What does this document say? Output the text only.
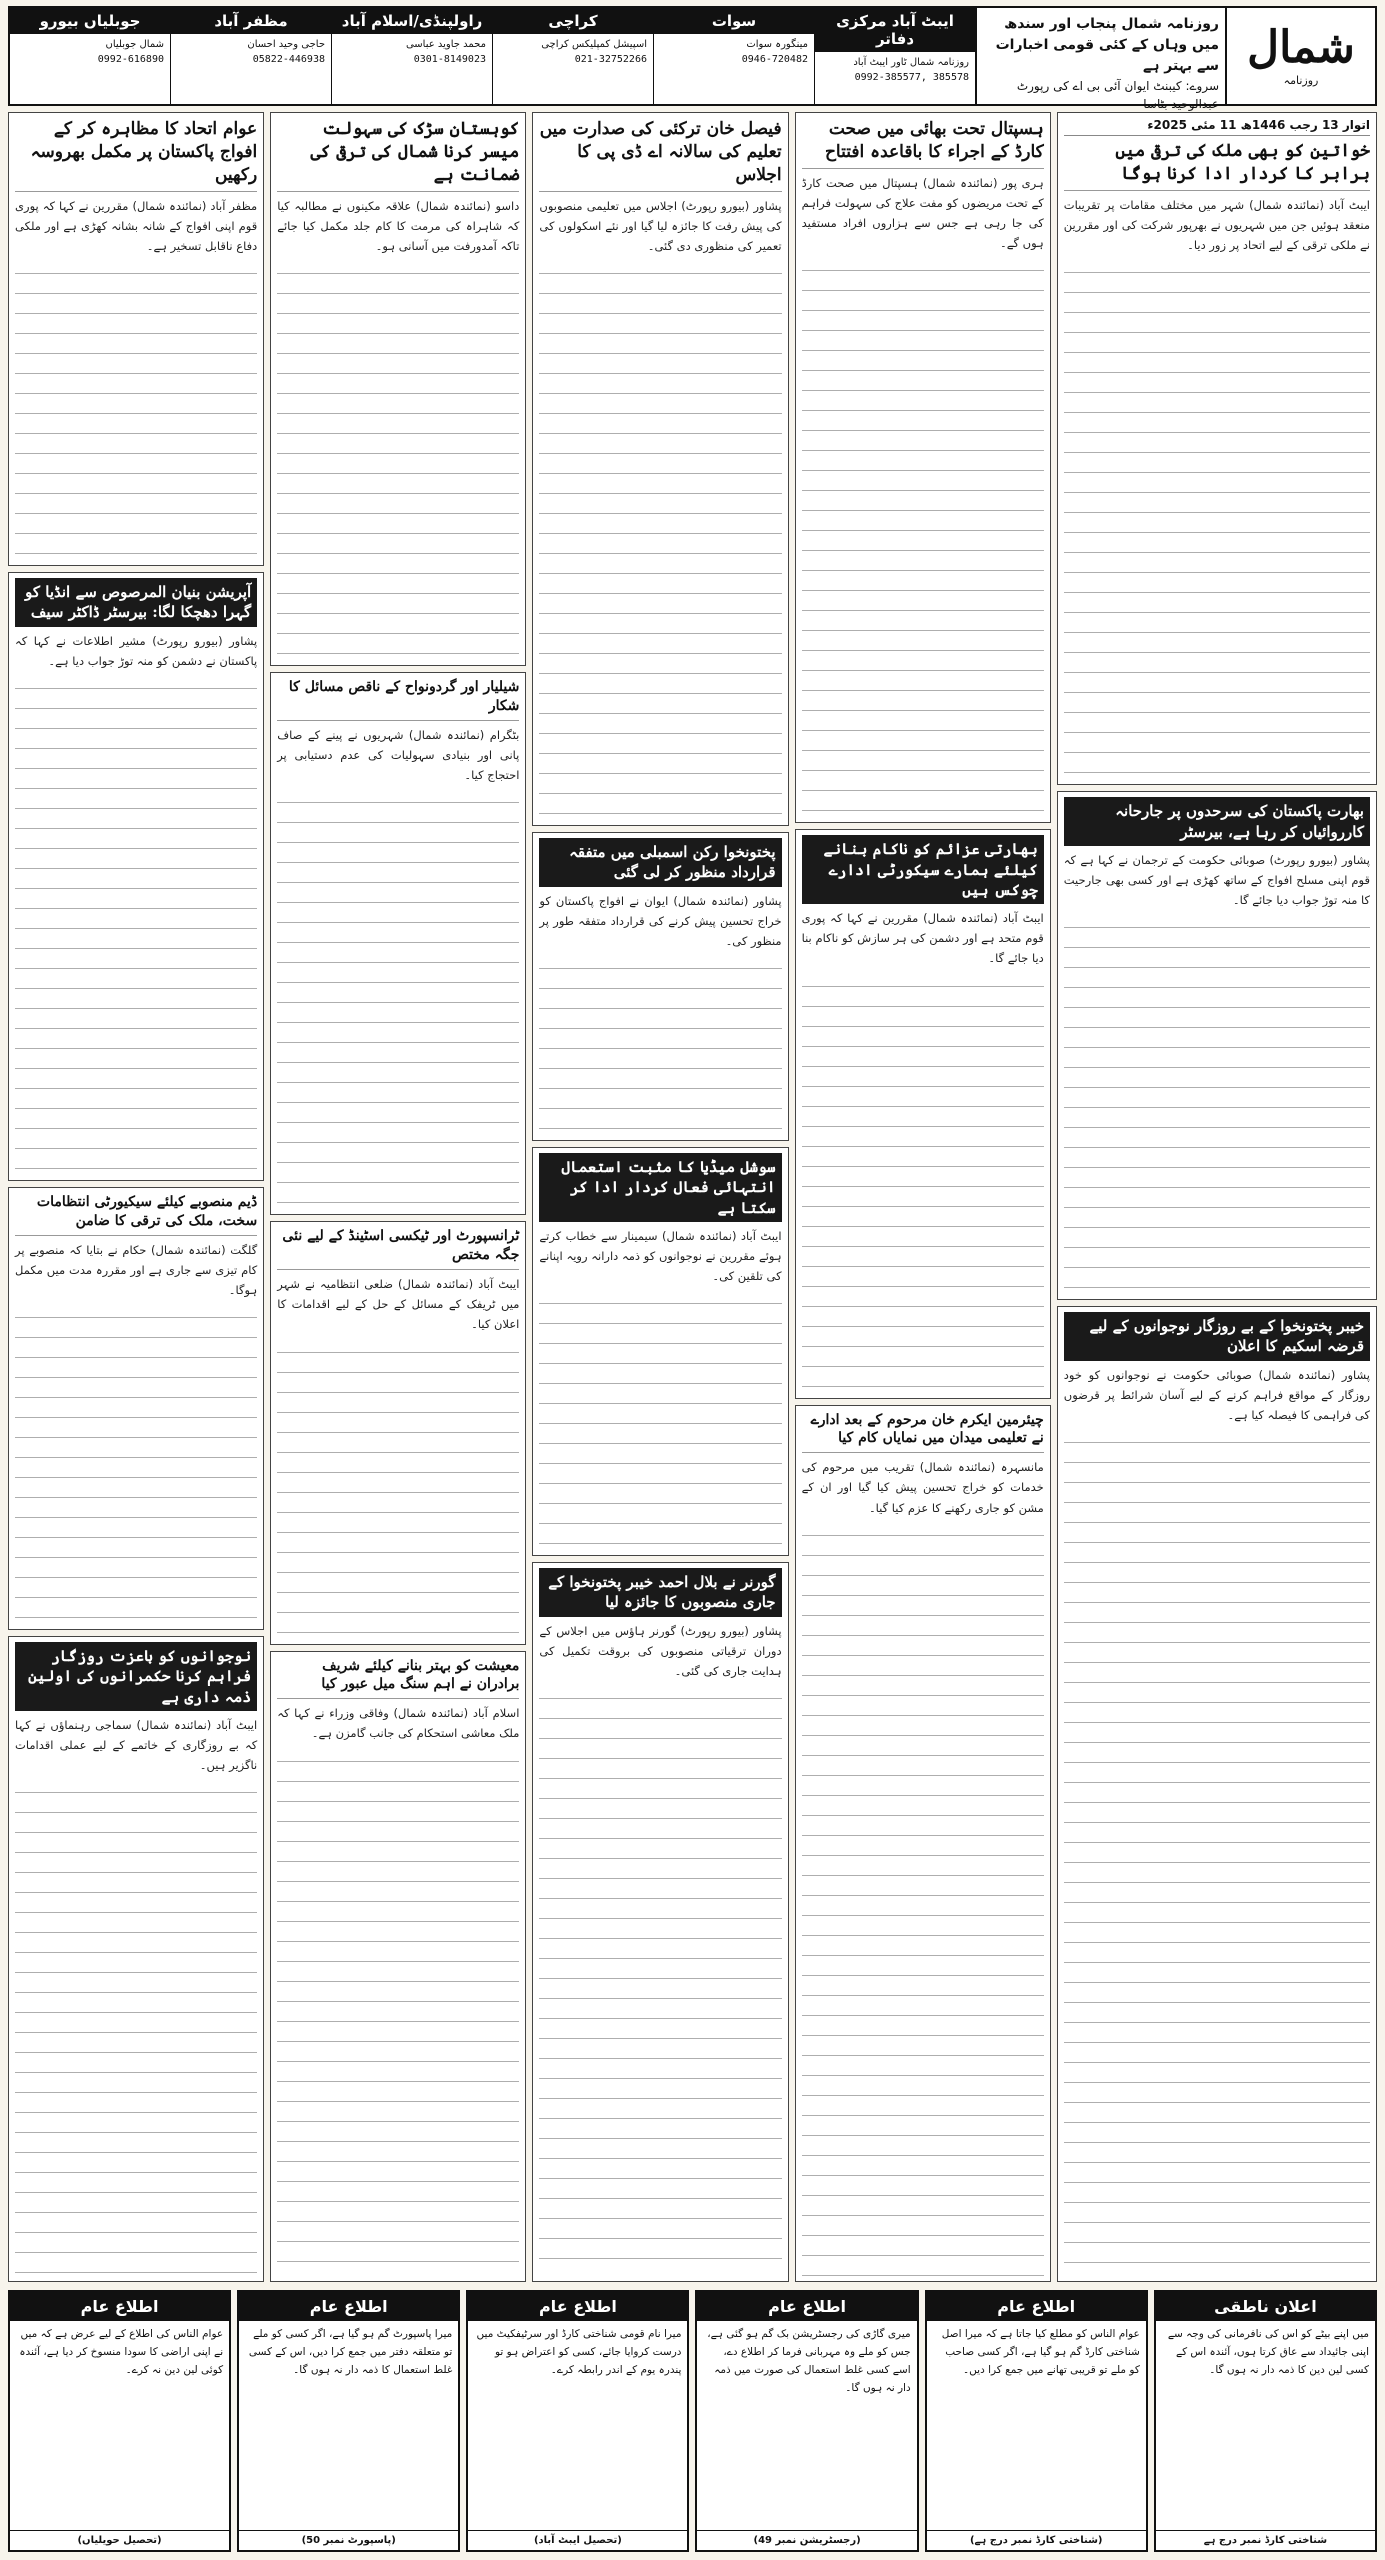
شمال
روزنامہ
روزنامہ شمال پنجاب اور سندھ میں وہاں کے کئی قومی اخبارات سے بہتر ہے
سروے: کیبنٹ ایوان آئی بی اے کی رپورٹ
عبدالوحید بٹاسا
ایبٹ آباد مرکزی دفاتر
روزنامہ شمال ٹاور ایبٹ آباد
0992-385577, 385578
سوات
مینگورہ سوات
0946-720482
کراچی
اسپیشل کمپلیکس کراچی
021-32752266
راولپنڈی/اسلام آباد
محمد جاوید عباسی
0301-8149023
مظفر آباد
حاجی وحید احسان
05822-446938
جوبلیاں بیورو
شمال جوبلیاں
0992-616890
اتوار 13 رجب 1446ھ 11 مئی 2025ء
خواتین کو بھی ملک کی ترقی میں برابر کا کردار ادا کرنا ہوگا
ایبٹ آباد (نمائندہ شمال) شہر میں مختلف مقامات پر تقریبات منعقد ہوئیں جن میں شہریوں نے بھرپور شرکت کی اور مقررین نے ملکی ترقی کے لیے اتحاد پر زور دیا۔
بھارت پاکستان کی سرحدوں پر جارحانہ کارروائیاں کر رہا ہے، بیرسٹر
پشاور (بیورو رپورٹ) صوبائی حکومت کے ترجمان نے کہا ہے کہ قوم اپنی مسلح افواج کے ساتھ کھڑی ہے اور کسی بھی جارحیت کا منہ توڑ جواب دیا جائے گا۔
خیبر پختونخوا کے بے روزگار نوجوانوں کے لیے قرضہ اسکیم کا اعلان
پشاور (نمائندہ شمال) صوبائی حکومت نے نوجوانوں کو خود روزگار کے مواقع فراہم کرنے کے لیے آسان شرائط پر قرضوں کی فراہمی کا فیصلہ کیا ہے۔
ہسپتال تحت بھائی میں صحت کارڈ کے اجراء کا باقاعدہ افتتاح
ہری پور (نمائندہ شمال) ہسپتال میں صحت کارڈ کے تحت مریضوں کو مفت علاج کی سہولت فراہم کی جا رہی ہے جس سے ہزاروں افراد مستفید ہوں گے۔
بھارتی عزائم کو ناکام بنانے کیلئے ہمارے سیکورٹی ادارے چوکس ہیں
ایبٹ آباد (نمائندہ شمال) مقررین نے کہا کہ پوری قوم متحد ہے اور دشمن کی ہر سازش کو ناکام بنا دیا جائے گا۔
چیئرمین ایکرم خان مرحوم کے بعد ادارے نے تعلیمی میدان میں نمایاں کام کیا
مانسہرہ (نمائندہ شمال) تقریب میں مرحوم کی خدمات کو خراج تحسین پیش کیا گیا اور ان کے مشن کو جاری رکھنے کا عزم کیا گیا۔
فیصل خان ترکئی کی صدارت میں تعلیم کی سالانہ اے ڈی پی کا اجلاس
پشاور (بیورو رپورٹ) اجلاس میں تعلیمی منصوبوں کی پیش رفت کا جائزہ لیا گیا اور نئے اسکولوں کی تعمیر کی منظوری دی گئی۔
پختونخوا رکن اسمبلی میں متفقہ قرارداد منظور کر لی گئی
پشاور (نمائندہ شمال) ایوان نے افواج پاکستان کو خراج تحسین پیش کرنے کی قرارداد متفقہ طور پر منظور کی۔
سوشل میڈیا کا مثبت استعمال انتہائی فعال کردار ادا کر سکتا ہے
ایبٹ آباد (نمائندہ شمال) سیمینار سے خطاب کرتے ہوئے مقررین نے نوجوانوں کو ذمہ دارانہ رویہ اپنانے کی تلقین کی۔
گورنر نے بلال احمد خیبر پختونخوا کے جاری منصوبوں کا جائزہ لیا
پشاور (بیورو رپورٹ) گورنر ہاؤس میں اجلاس کے دوران ترقیاتی منصوبوں کی بروقت تکمیل کی ہدایت جاری کی گئی۔
کوہستان سڑک کی سہولت میسر کرنا شمال کی ترقی کی ضمانت ہے
داسو (نمائندہ شمال) علاقہ مکینوں نے مطالبہ کیا کہ شاہراہ کی مرمت کا کام جلد مکمل کیا جائے تاکہ آمدورفت میں آسانی ہو۔
شیلیار اور گردونواح کے ناقص مسائل کا شکار
بٹگرام (نمائندہ شمال) شہریوں نے پینے کے صاف پانی اور بنیادی سہولیات کی عدم دستیابی پر احتجاج کیا۔
ٹرانسپورٹ اور ٹیکسی اسٹینڈ کے لیے نئی جگہ مختص
ایبٹ آباد (نمائندہ شمال) ضلعی انتظامیہ نے شہر میں ٹریفک کے مسائل کے حل کے لیے اقدامات کا اعلان کیا۔
معیشت کو بہتر بنانے کیلئے شریف برادران نے اہم سنگ میل عبور کیا
اسلام آباد (نمائندہ شمال) وفاقی وزراء نے کہا کہ ملک معاشی استحکام کی جانب گامزن ہے۔
عوام اتحاد کا مظاہرہ کر کے افواج پاکستان پر مکمل بھروسہ رکھیں
مظفر آباد (نمائندہ شمال) مقررین نے کہا کہ پوری قوم اپنی افواج کے شانہ بشانہ کھڑی ہے اور ملکی دفاع ناقابل تسخیر ہے۔
آپریشن بنیان المرصوص سے انڈیا کو گہرا دھچکا لگا: بیرسٹر ڈاکٹر سیف
پشاور (بیورو رپورٹ) مشیر اطلاعات نے کہا کہ پاکستان نے دشمن کو منہ توڑ جواب دیا ہے۔
ڈیم منصوبے کیلئے سیکیورٹی انتظامات سخت، ملک کی ترقی کا ضامن
گلگت (نمائندہ شمال) حکام نے بتایا کہ منصوبے پر کام تیزی سے جاری ہے اور مقررہ مدت میں مکمل ہوگا۔
نوجوانوں کو باعزت روزگار فراہم کرنا حکمرانوں کی اولین ذمہ داری ہے
ایبٹ آباد (نمائندہ شمال) سماجی رہنماؤں نے کہا کہ بے روزگاری کے خاتمے کے لیے عملی اقدامات ناگزیر ہیں۔
اعلان ناطقی
میں اپنے بیٹے کو اس کی نافرمانی کی وجہ سے اپنی جائیداد سے عاق کرتا ہوں، آئندہ اس کے کسی لین دین کا ذمہ دار نہ ہوں گا۔
شناختی کارڈ نمبر درج ہے
اطلاع عام
عوام الناس کو مطلع کیا جاتا ہے کہ میرا اصل شناختی کارڈ گم ہو گیا ہے، اگر کسی صاحب کو ملے تو قریبی تھانے میں جمع کرا دیں۔
(شناختی کارڈ نمبر درج ہے)
اطلاع عام
میری گاڑی کی رجسٹریشن بک گم ہو گئی ہے، جس کو ملے وہ مہربانی فرما کر اطلاع دے، اسے کسی غلط استعمال کی صورت میں ذمہ دار نہ ہوں گا۔
(رجسٹریشن نمبر 49)
اطلاع عام
میرا نام قومی شناختی کارڈ اور سرٹیفکیٹ میں درست کروایا جائے، کسی کو اعتراض ہو تو پندرہ یوم کے اندر رابطہ کرے۔
(تحصیل ایبٹ آباد)
اطلاع عام
میرا پاسپورٹ گم ہو گیا ہے، اگر کسی کو ملے تو متعلقہ دفتر میں جمع کرا دیں، اس کے کسی غلط استعمال کا ذمہ دار نہ ہوں گا۔
(پاسپورٹ نمبر 50)
اطلاع عام
عوام الناس کی اطلاع کے لیے عرض ہے کہ میں نے اپنی اراضی کا سودا منسوخ کر دیا ہے، آئندہ کوئی لین دین نہ کرے۔
(تحصیل حویلیاں)
